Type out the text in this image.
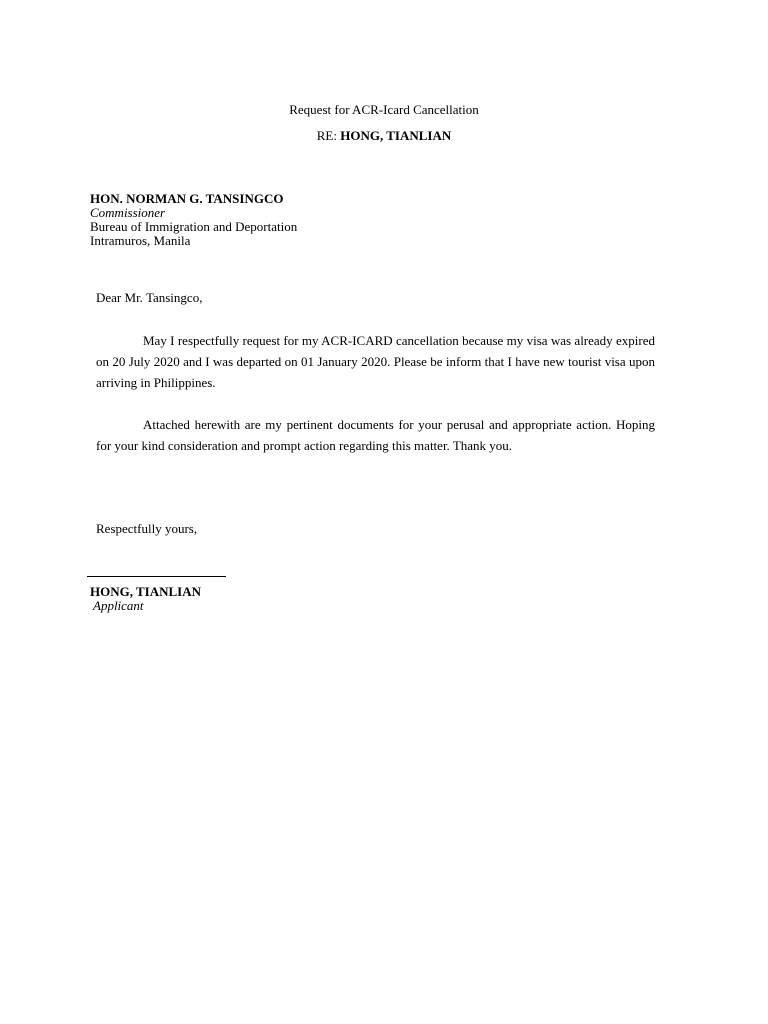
Request for ACR-Icard Cancellation
RE: HONG, TIANLIAN
HON. NORMAN G. TANSINGCO
Commissioner
Bureau of Immigration and Deportation
Intramuros, Manila
Dear Mr. Tansingco,
May I respectfully request for my ACR-ICARD cancellation because my visa was already expired on 20 July 2020 and I was departed on 01 January 2020. Please be inform that I have new tourist visa upon arriving in Philippines.
Attached herewith are my pertinent documents for your perusal and appropriate action. Hoping for your kind consideration and prompt action regarding this matter. Thank you.
Respectfully yours,
HONG, TIANLIAN
Applicant
